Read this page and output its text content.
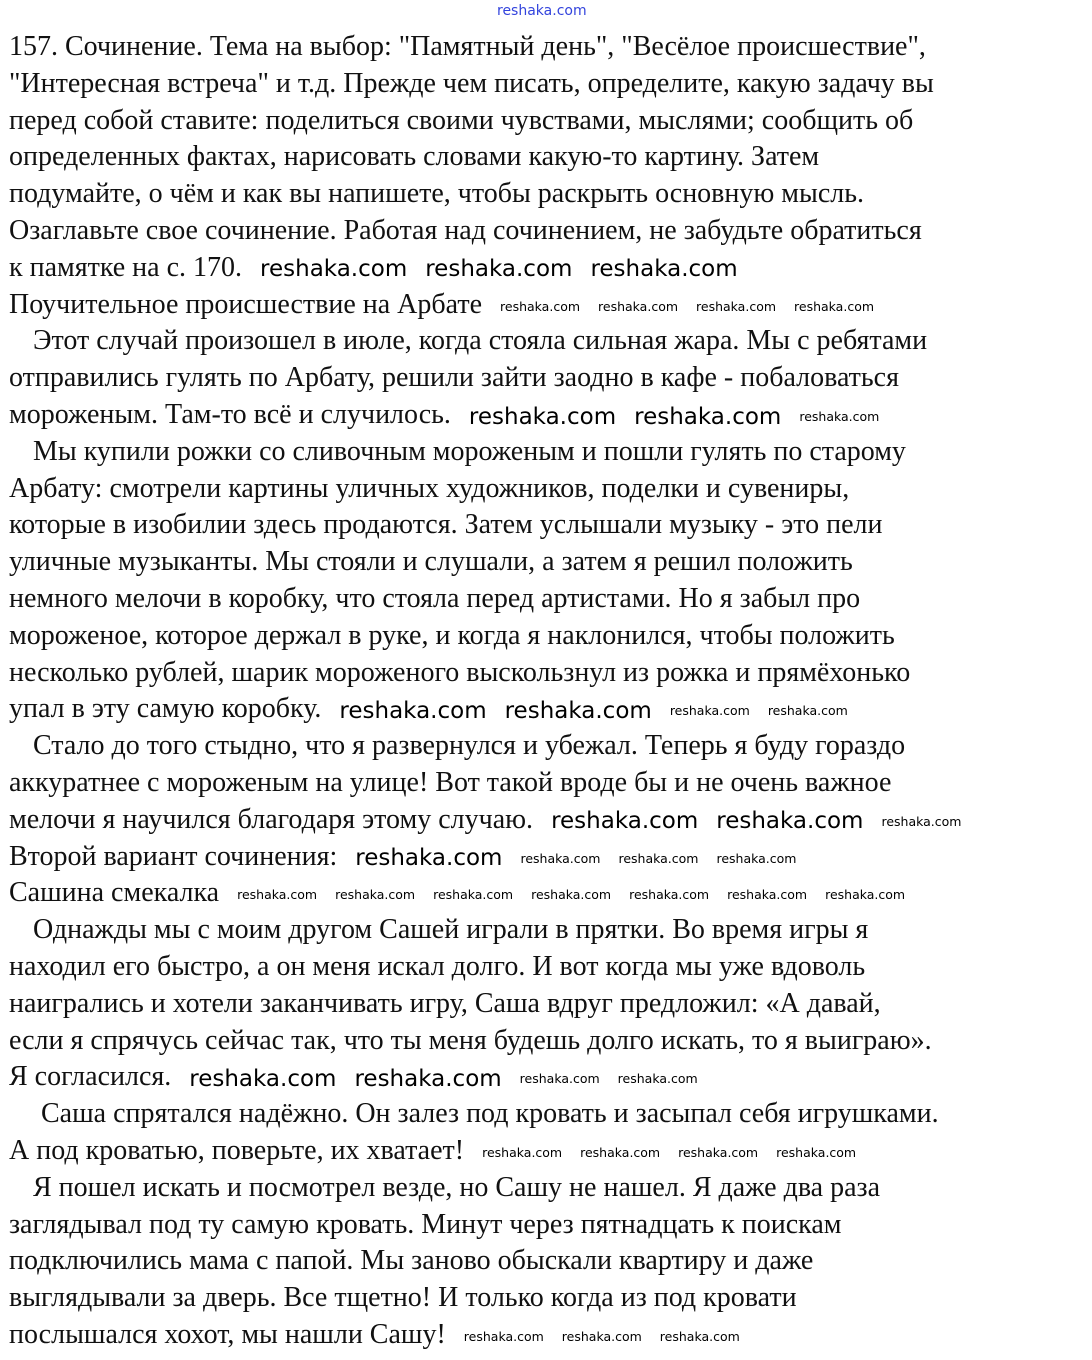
reshaka.com
157. Сочинение. Тема на выбор: "Памятный день", "Весёлое происшествие",
"Интересная встреча" и т.д. Прежде чем писать, определите, какую задачу вы
перед собой ставите: поделиться своими чувствами, мыслями; сообщить об
определенных фактах, нарисовать словами какую-то картину. Затем
подумайте, о чём и как вы напишете, чтобы раскрыть основную мысль.
Озаглавьте свое сочинение. Работая над сочинением, не забудьте обратиться
к памятке на с. 170. reshaka.com reshaka.com reshaka.com
Поучительное происшествие на Арбате reshaka.com reshaka.com reshaka.com reshaka.com
Этот случай произошел в июле, когда стояла сильная жара. Мы с ребятами
отправились гулять по Арбату, решили зайти заодно в кафе - побаловаться
мороженым. Там-то всё и случилось. reshaka.com reshaka.com reshaka.com
Мы купили рожки со сливочным мороженым и пошли гулять по старому
Арбату: смотрели картины уличных художников, поделки и сувениры,
которые в изобилии здесь продаются. Затем услышали музыку - это пели
уличные музыканты. Мы стояли и слушали, а затем я решил положить
немного мелочи в коробку, что стояла перед артистами. Но я забыл про
мороженое, которое держал в руке, и когда я наклонился, чтобы положить
несколько рублей, шарик мороженого выскользнул из рожка и прямёхонько
упал в эту самую коробку. reshaka.com reshaka.com reshaka.com reshaka.com
Стало до того стыдно, что я развернулся и убежал. Теперь я буду гораздо
аккуратнее с мороженым на улице! Вот такой вроде бы и не очень важное
мелочи я научился благодаря этому случаю. reshaka.com reshaka.com reshaka.com
Второй вариант сочинения: reshaka.com reshaka.com reshaka.com reshaka.com
Сашина смекалка reshaka.com reshaka.com reshaka.com reshaka.com reshaka.com reshaka.com reshaka.com
Однажды мы с моим другом Сашей играли в прятки. Во время игры я
находил его быстро, а он меня искал долго. И вот когда мы уже вдоволь
наигрались и хотели заканчивать игру, Саша вдруг предложил: «А давай,
если я спрячусь сейчас так, что ты меня будешь долго искать, то я выиграю».
Я согласился. reshaka.com reshaka.com reshaka.com reshaka.com
Саша спрятался надёжно. Он залез под кровать и засыпал себя игрушками.
А под кроватью, поверьте, их хватает! reshaka.com reshaka.com reshaka.com reshaka.com
Я пошел искать и посмотрел везде, но Сашу не нашел. Я даже два раза
заглядывал под ту самую кровать. Минут через пятнадцать к поискам
подключились мама с папой. Мы заново обыскали квартиру и даже
выглядывали за дверь. Все тщетно! И только когда из под кровати
послышался хохот, мы нашли Сашу! reshaka.com reshaka.com reshaka.com
